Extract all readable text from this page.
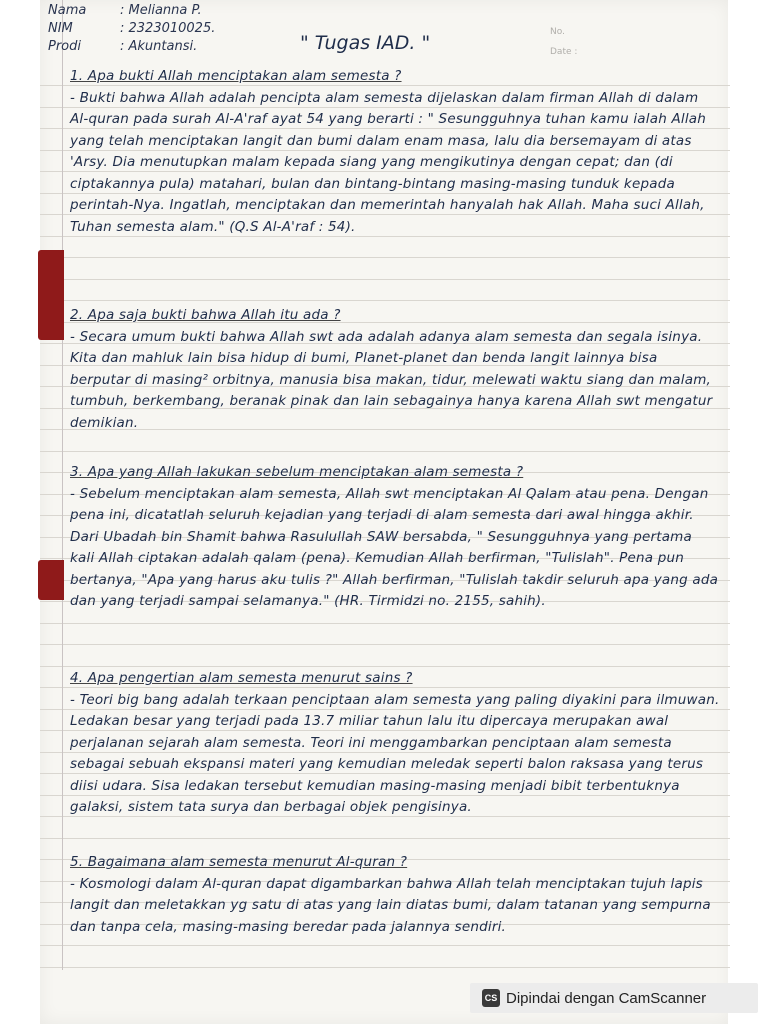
Nama	: Melianna P.
NIM	: 2323010025.
Prodi	: Akuntansi.	" Tugas IAD. "	No.
Date :

1. Apa bukti Allah menciptakan alam semesta ?

- Bukti bahwa Allah adalah pencipta alam semesta dijelaskan dalam firman Allah di dalam Al-quran pada surah Al-A'raf ayat 54 yang berarti : " Sesungguhnya tuhan kamu ialah Allah yang telah menciptakan langit dan bumi dalam enam masa, lalu dia bersemayam di atas 'Arsy. Dia menutupkan malam kepada siang yang mengikutinya dengan cepat; dan (di ciptakannya pula) matahari, bulan dan bintang-bintang masing-masing tunduk kepada perintah-Nya. Ingatlah, menciptakan dan memerintah hanyalah hak Allah. Maha suci Allah, Tuhan semesta alam." (Q.S Al-A'raf : 54).

2. Apa saja bukti bahwa Allah itu ada ?

- Secara umum bukti bahwa Allah swt ada adalah adanya alam semesta dan segala isinya. Kita dan mahluk lain bisa hidup di bumi, Planet-planet dan benda langit lainnya bisa berputar di masing² orbitnya, manusia bisa makan, tidur, melewati waktu siang dan malam, tumbuh, berkembang, beranak pinak dan lain sebagainya hanya karena Allah swt mengatur demikian.

3. Apa yang Allah lakukan sebelum menciptakan alam semesta ?

- Sebelum menciptakan alam semesta, Allah swt menciptakan Al Qalam atau pena. Dengan pena ini, dicatatlah seluruh kejadian yang terjadi di alam semesta dari awal hingga akhir. Dari Ubadah bin Shamit bahwa Rasulullah SAW bersabda, " Sesungguhnya yang pertama kali Allah ciptakan adalah qalam (pena). Kemudian Allah berfirman, "Tulislah". Pena pun bertanya, "Apa yang harus aku tulis ?" Allah berfirman, "Tulislah takdir seluruh apa yang ada dan yang terjadi sampai selamanya." (HR. Tirmidzi no. 2155, sahih).

4. Apa pengertian alam semesta menurut sains ?

- Teori big bang adalah terkaan penciptaan alam semesta yang paling diyakini para ilmuwan. Ledakan besar yang terjadi pada 13.7 miliar tahun lalu itu dipercaya merupakan awal perjalanan sejarah alam semesta. Teori ini menggambarkan penciptaan alam semesta sebagai sebuah ekspansi materi yang kemudian meledak seperti balon raksasa yang terus diisi udara. Sisa ledakan tersebut kemudian masing-masing menjadi bibit terbentuknya galaksi, sistem tata surya dan berbagai objek pengisinya.

5. Bagaimana alam semesta menurut Al-quran ?

- Kosmologi dalam Al-quran dapat digambarkan bahwa Allah telah menciptakan tujuh lapis langit dan meletakkan yg satu di atas yang lain diatas bumi, dalam tatanan yang sempurna dan tanpa cela, masing-masing beredar pada jalannya sendiri.

CS Dipindai dengan CamScanner
